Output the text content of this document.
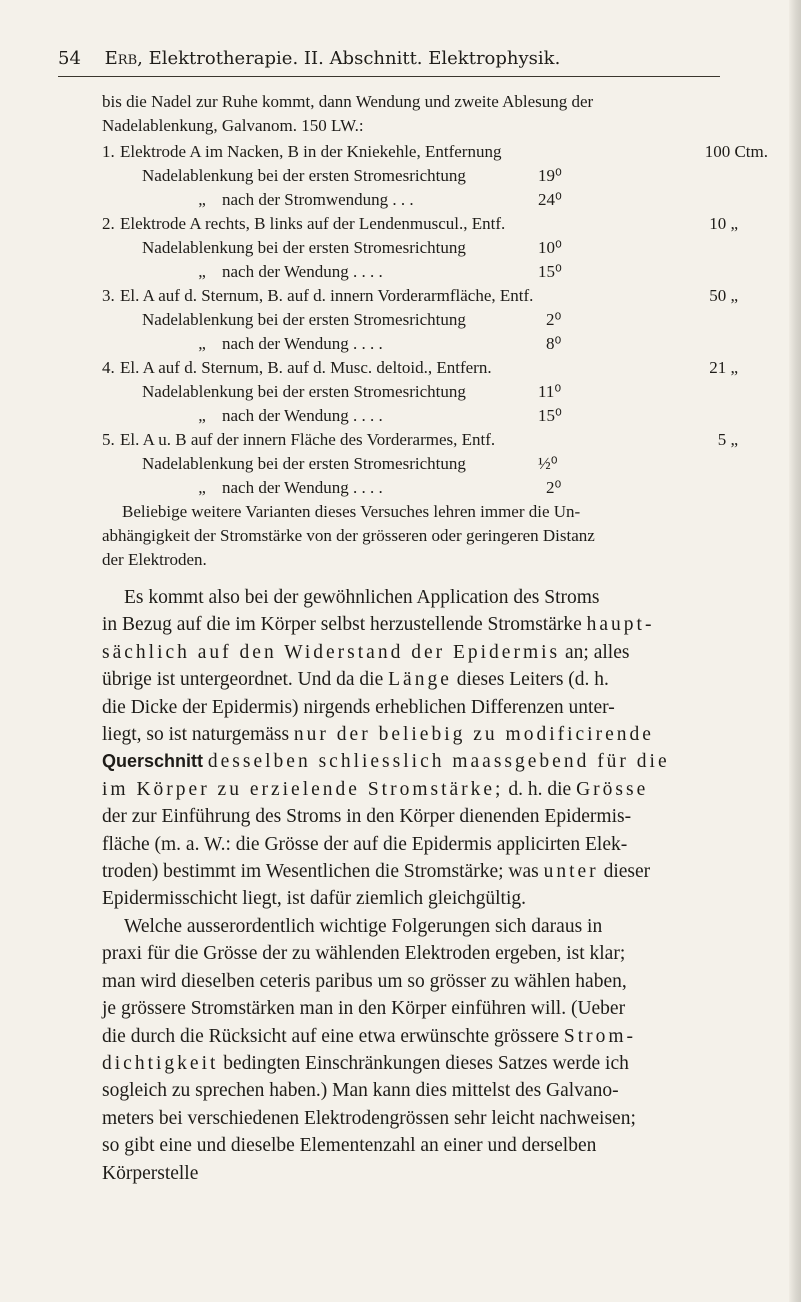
54 Erb, Elektrotherapie. II. Abschnitt. Elektrophysik.
bis die Nadel zur Ruhe kommt, dann Wendung und zweite Ablesung der
Nadelablenkung, Galvanom. 150 LW.:
1. Elektrode A im Nacken, B in der Kniekehle, Entfernung	100 Ctm.
Nadelablenkung bei der ersten Stromesrichtung	19⁰
„ nach der Stromwendung . . .	24⁰
2. Elektrode A rechts, B links auf der Lendenmuscul., Entf.	10 „
Nadelablenkung bei der ersten Stromesrichtung	10⁰
„ nach der Wendung . . . .	15⁰
3. El. A auf d. Sternum, B. auf d. innern Vorderarmfläche, Entf.	50 „
Nadelablenkung bei der ersten Stromesrichtung	2⁰
„ nach der Wendung . . . .	8⁰
4. El. A auf d. Sternum, B. auf d. Musc. deltoid., Entfern.	21 „
Nadelablenkung bei der ersten Stromesrichtung	11⁰
„ nach der Wendung . . . .	15⁰
5. El. A u. B auf der innern Fläche des Vorderarmes, Entf.	5 „
Nadelablenkung bei der ersten Stromesrichtung	½⁰
„ nach der Wendung . . . .	2⁰
Beliebige weitere Varianten dieses Versuches lehren immer die Un-
abhängigkeit der Stromstärke von der grösseren oder geringeren Distanz
der Elektroden.
Es kommt also bei der gewöhnlichen Application des Stroms
in Bezug auf die im Körper selbst herzustellende Stromstärke haupt-
sächlich auf den Widerstand der Epidermis an; alles
übrige ist untergeordnet. Und da die Länge dieses Leiters (d. h.
die Dicke der Epidermis) nirgends erheblichen Differenzen unter-
liegt, so ist naturgemäss nur der beliebig zu modificirende
Querschnitt desselben schliesslich maassgebend für die
im Körper zu erzielende Stromstärke; d. h. die Grösse
der zur Einführung des Stroms in den Körper dienenden Epidermis-
fläche (m. a. W.: die Grösse der auf die Epidermis applicirten Elek-
troden) bestimmt im Wesentlichen die Stromstärke; was unter dieser
Epidermisschicht liegt, ist dafür ziemlich gleichgültig.
Welche ausserordentlich wichtige Folgerungen sich daraus in
praxi für die Grösse der zu wählenden Elektroden ergeben, ist klar;
man wird dieselben ceteris paribus um so grösser zu wählen haben,
je grössere Stromstärken man in den Körper einführen will. (Ueber
die durch die Rücksicht auf eine etwa erwünschte grössere Strom-
dichtigkeit bedingten Einschränkungen dieses Satzes werde ich
sogleich zu sprechen haben.) Man kann dies mittelst des Galvano-
meters bei verschiedenen Elektrodengrössen sehr leicht nachweisen;
so gibt eine und dieselbe Elementenzahl an einer und derselben
Körperstelle
